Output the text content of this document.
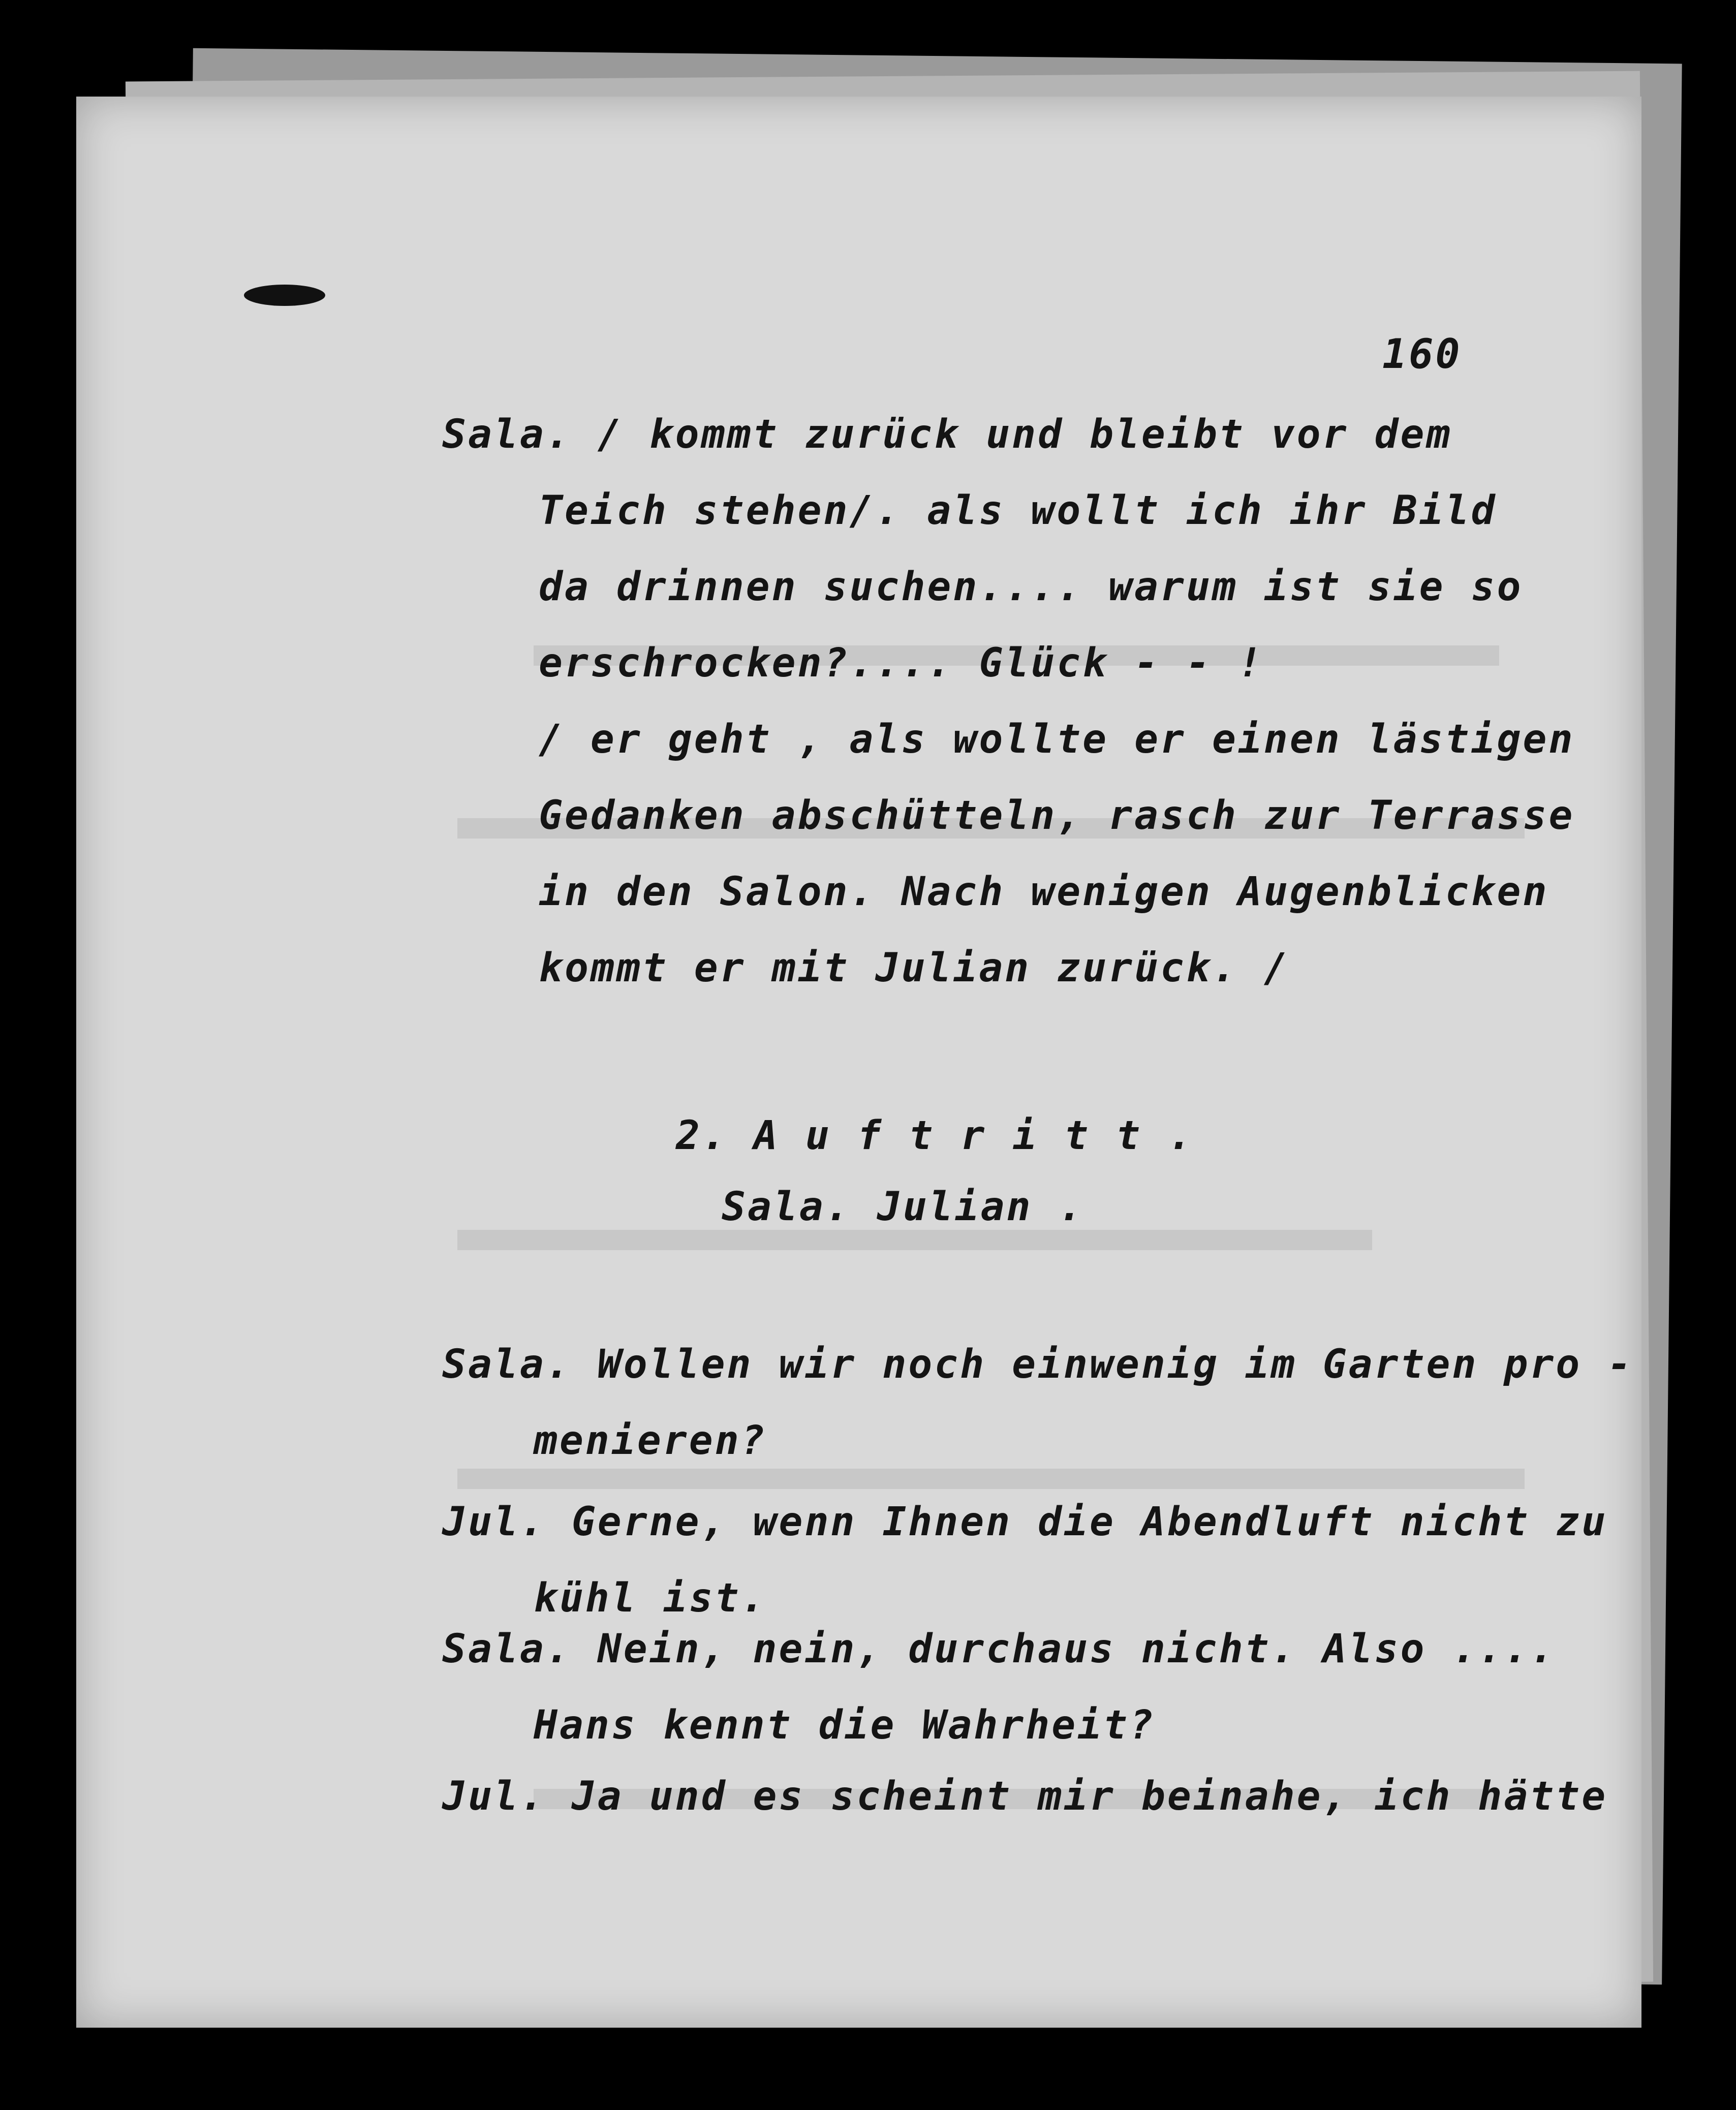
160

Sala. / kommt zurück und bleibt vor dem

Teich stehen/. als wollt ich ihr Bild

da drinnen suchen.... warum ist sie so

erschrocken?.... Glück - - !

/ er geht , als wollte er einen lästigen

Gedanken abschütteln, rasch zur Terrasse

in den Salon. Nach wenigen Augenblicken

kommt er mit Julian zurück. /

2. A u f t r i t t .

Sala. Julian .

Sala. Wollen wir noch einwenig im Garten pro -

menieren?

Jul. Gerne, wenn Ihnen die Abendluft nicht zu

kühl ist.

Sala. Nein, nein, durchaus nicht. Also ....

Hans kennt die Wahrheit?

Jul. Ja und es scheint mir beinahe, ich hätte
